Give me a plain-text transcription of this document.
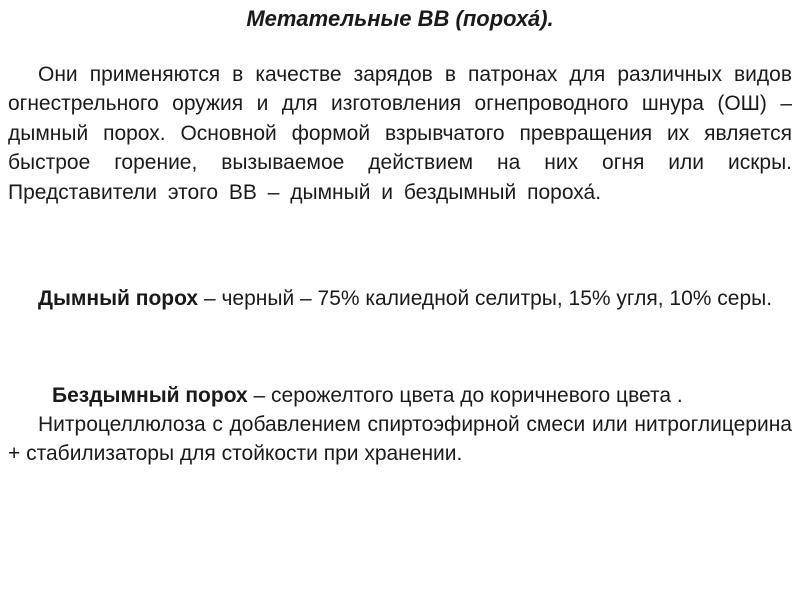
Метательные ВВ (пороха́).
Они применяются в качестве зарядов в патронах для различных видов огнестрельного оружия и для изготовления огнепроводного шнура (ОШ) – дымный порох. Основной формой взрывчатого превращения их является быстрое горение, вызываемое действием на них огня или искры. Представители этого ВВ – дымный и бездымный пороха́.
Дымный порох – черный – 75% калиедной селитры, 15% угля, 10% серы.
Бездымный порох – серожелтого цвета до коричневого цвета .
Нитроцеллюлоза с добавлением спиртоэфирной смеси или нитроглицерина + стабилизаторы для стойкости при хранении.
